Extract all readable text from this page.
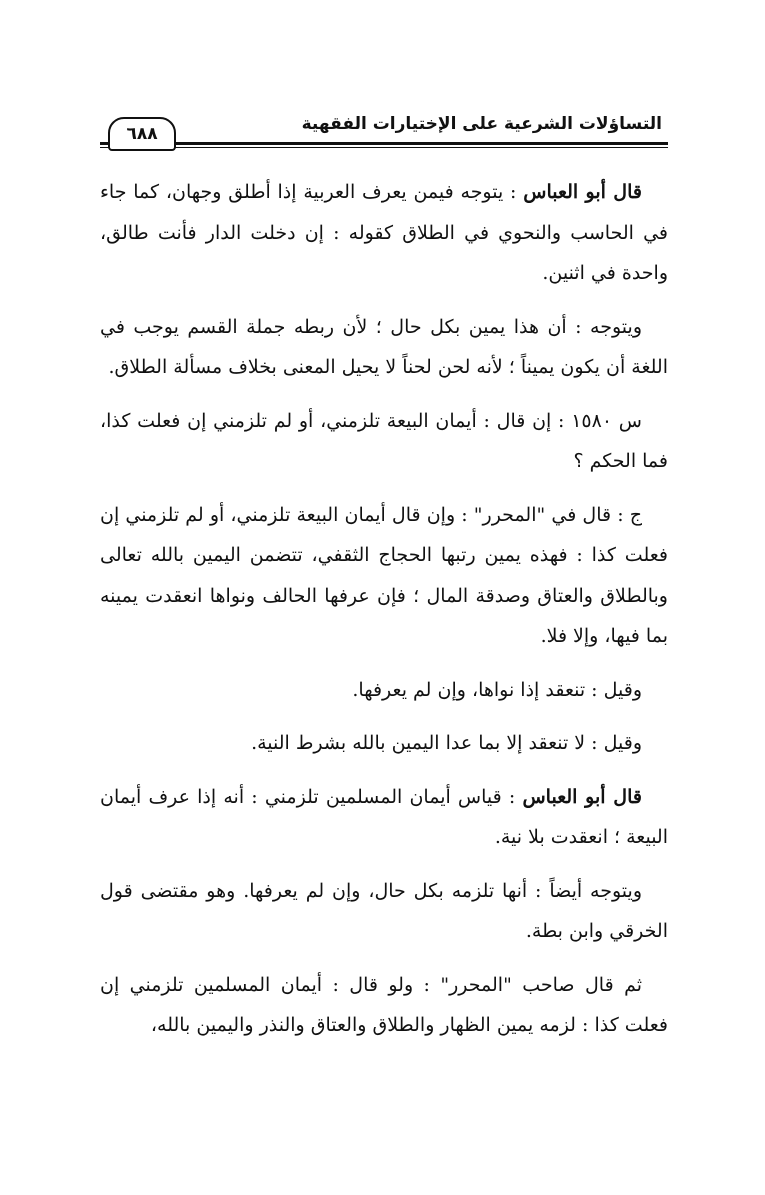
التساؤلات الشرعية على الإختيارات الفقهية
٦٨٨

قال أبو العباس : يتوجه فيمن يعرف العربية إذا أطلق وجهان، كما جاء في الحاسب والنحوي في الطلاق كقوله : إن دخلت الدار فأنت طالق، واحدة في اثنين.

ويتوجه : أن هذا يمين بكل حال ؛ لأن ربطه جملة القسم يوجب في اللغة أن يكون يميناً ؛ لأنه لحن لحناً لا يحيل المعنى بخلاف مسألة الطلاق.

س ١٥٨٠ : إن قال : أيمان البيعة تلزمني، أو لم تلزمني إن فعلت كذا، فما الحكم ؟

ج : قال في "المحرر" : وإن قال أيمان البيعة تلزمني، أو لم تلزمني إن فعلت كذا : فهذه يمين رتبها الحجاج الثقفي، تتضمن اليمين بالله تعالى وبالطلاق والعتاق وصدقة المال ؛ فإن عرفها الحالف ونواها انعقدت يمينه بما فيها، وإلا فلا.

وقيل : تنعقد إذا نواها، وإن لم يعرفها.

وقيل : لا تنعقد إلا بما عدا اليمين بالله بشرط النية.

قال أبو العباس : قياس أيمان المسلمين تلزمني : أنه إذا عرف أيمان البيعة ؛ انعقدت بلا نية.

ويتوجه أيضاً : أنها تلزمه بكل حال، وإن لم يعرفها. وهو مقتضى قول الخرقي وابن بطة.

ثم قال صاحب "المحرر" : ولو قال : أيمان المسلمين تلزمني إن فعلت كذا : لزمه يمين الظهار والطلاق والعتاق والنذر واليمين بالله،
